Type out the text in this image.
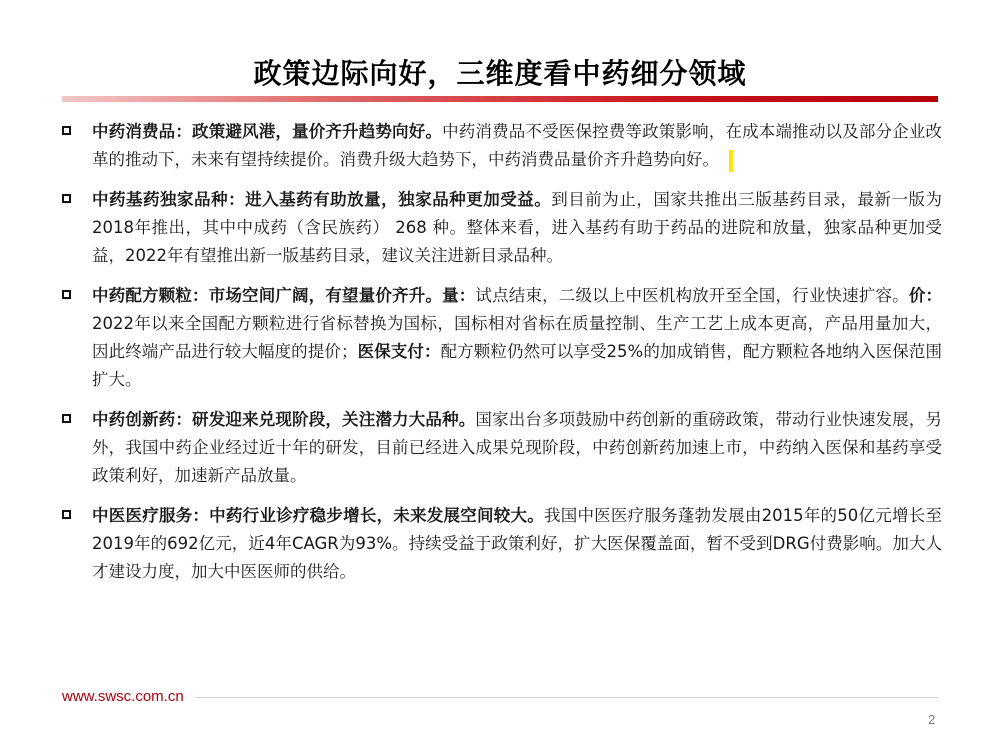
政策边际向好，三维度看中药细分领域
中药消费品：政策避风港，量价齐升趋势向好。中药消费品不受医保控费等政策影响，在成本端推动以及部分企业改革的推动下，未来有望持续提价。消费升级大趋势下，中药消费品量价齐升趋势向好。
中药基药独家品种：进入基药有助放量，独家品种更加受益。到目前为止，国家共推出三版基药目录，最新一版为2018年推出，其中中成药（含民族药） 268 种。整体来看，进入基药有助于药品的进院和放量，独家品种更加受益，2022年有望推出新一版基药目录，建议关注进新目录品种。
中药配方颗粒：市场空间广阔，有望量价齐升。量：试点结束，二级以上中医机构放开至全国，行业快速扩容。价：2022年以来全国配方颗粒进行省标替换为国标，国标相对省标在质量控制、生产工艺上成本更高，产品用量加大，因此终端产品进行较大幅度的提价；医保支付：配方颗粒仍然可以享受25%的加成销售，配方颗粒各地纳入医保范围扩大。
中药创新药：研发迎来兑现阶段，关注潜力大品种。国家出台多项鼓励中药创新的重磅政策，带动行业快速发展，另外，我国中药企业经过近十年的研发，目前已经进入成果兑现阶段，中药创新药加速上市，中药纳入医保和基药享受政策利好，加速新产品放量。
中医医疗服务：中药行业诊疗稳步增长，未来发展空间较大。我国中医医疗服务蓬勃发展由2015年的50亿元增长至2019年的692亿元，近4年CAGR为93%。持续受益于政策利好，扩大医保覆盖面，暂不受到DRG付费影响。加大人才建设力度，加大中医医师的供给。
www.swsc.com.cn
2
